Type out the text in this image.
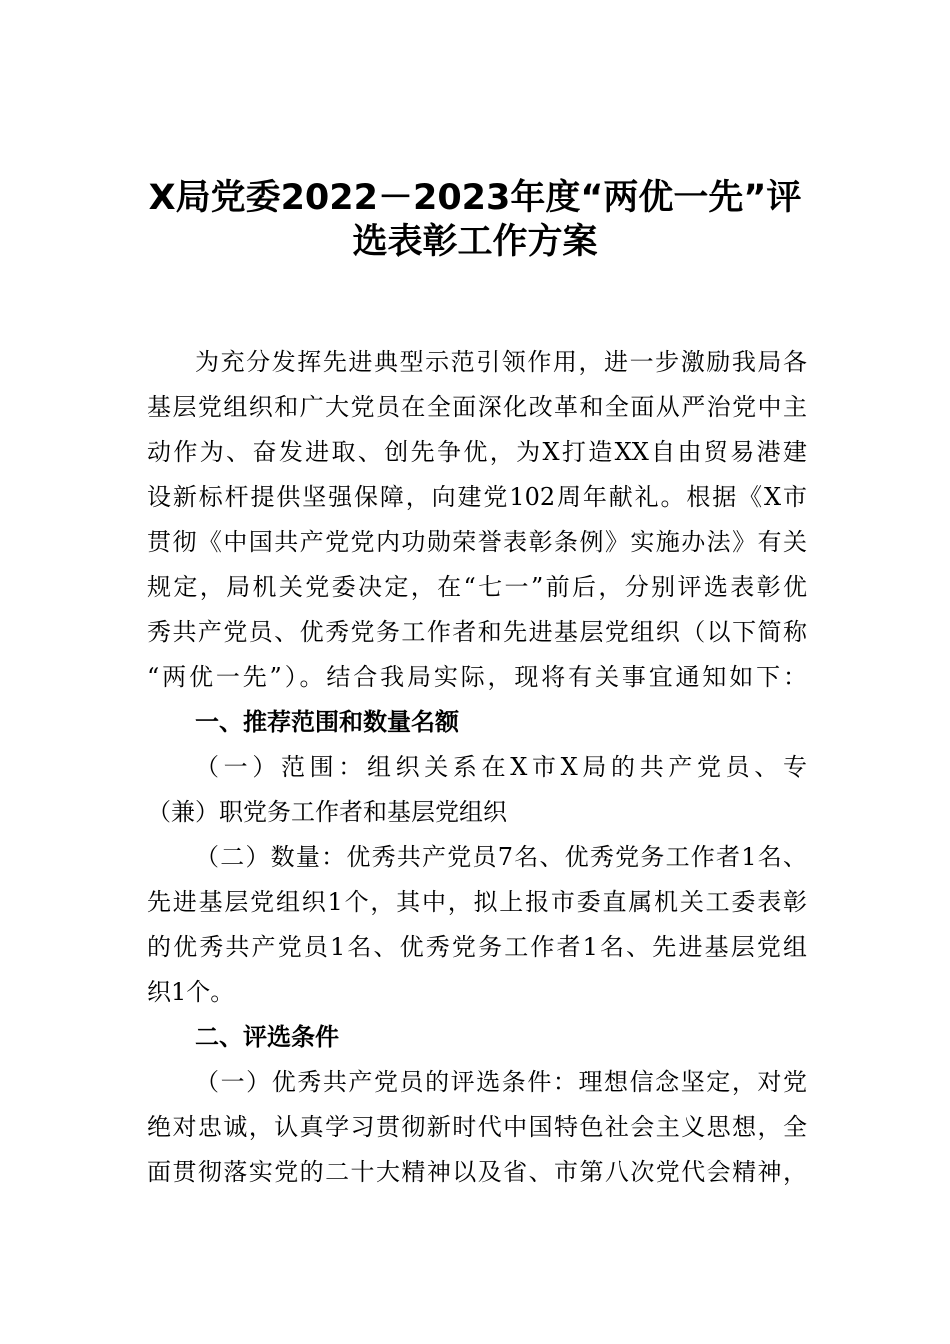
X局党委2022－2023年度“两优一先”评
选表彰工作方案
为充分发挥先进典型示范引领作用，进一步激励我局各
基层党组织和广大党员在全面深化改革和全面从严治党中主
动作为、奋发进取、创先争优，为X打造XX自由贸易港建
设新标杆提供坚强保障，向建党102周年献礼。根据《X市
贯彻《中国共产党党内功勋荣誉表彰条例》实施办法》有关
规定，局机关党委决定，在“七一”前后，分别评选表彰优
秀共产党员、优秀党务工作者和先进基层党组织（以下简称
“两优一先”）。结合我局实际，现将有关事宜通知如下：
一、推荐范围和数量名额
（一）范围：组织关系在X市X局的共产党员、专
（兼）职党务工作者和基层党组织
（二）数量：优秀共产党员7名、优秀党务工作者1名、
先进基层党组织1个，其中，拟上报市委直属机关工委表彰
的优秀共产党员1名、优秀党务工作者1名、先进基层党组
织1个。
二、评选条件
（一）优秀共产党员的评选条件：理想信念坚定，对党
绝对忠诚，认真学习贯彻新时代中国特色社会主义思想，全
面贯彻落实党的二十大精神以及省、市第八次党代会精神，
